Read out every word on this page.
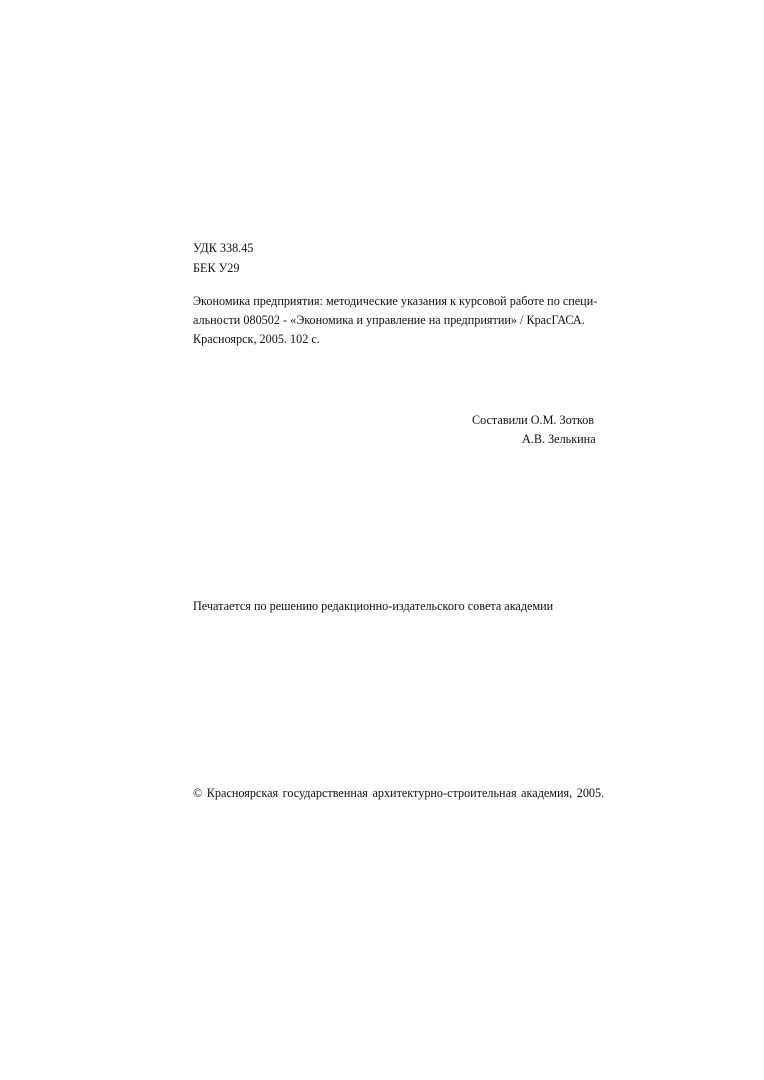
УДК 338.45
БЕК У29
Экономика предприятия: методические указания к курсовой работе по специ-
альности 080502 - «Экономика и управление на предприятии» / КрасГАСА.
Красноярск, 2005. 102 с.
Составили О.М. Зотков
А.В. Зелькина
Печатается по решению редакционно-издательского совета академии
© Красноярская государственная архитектурно-строительная академия, 2005.
